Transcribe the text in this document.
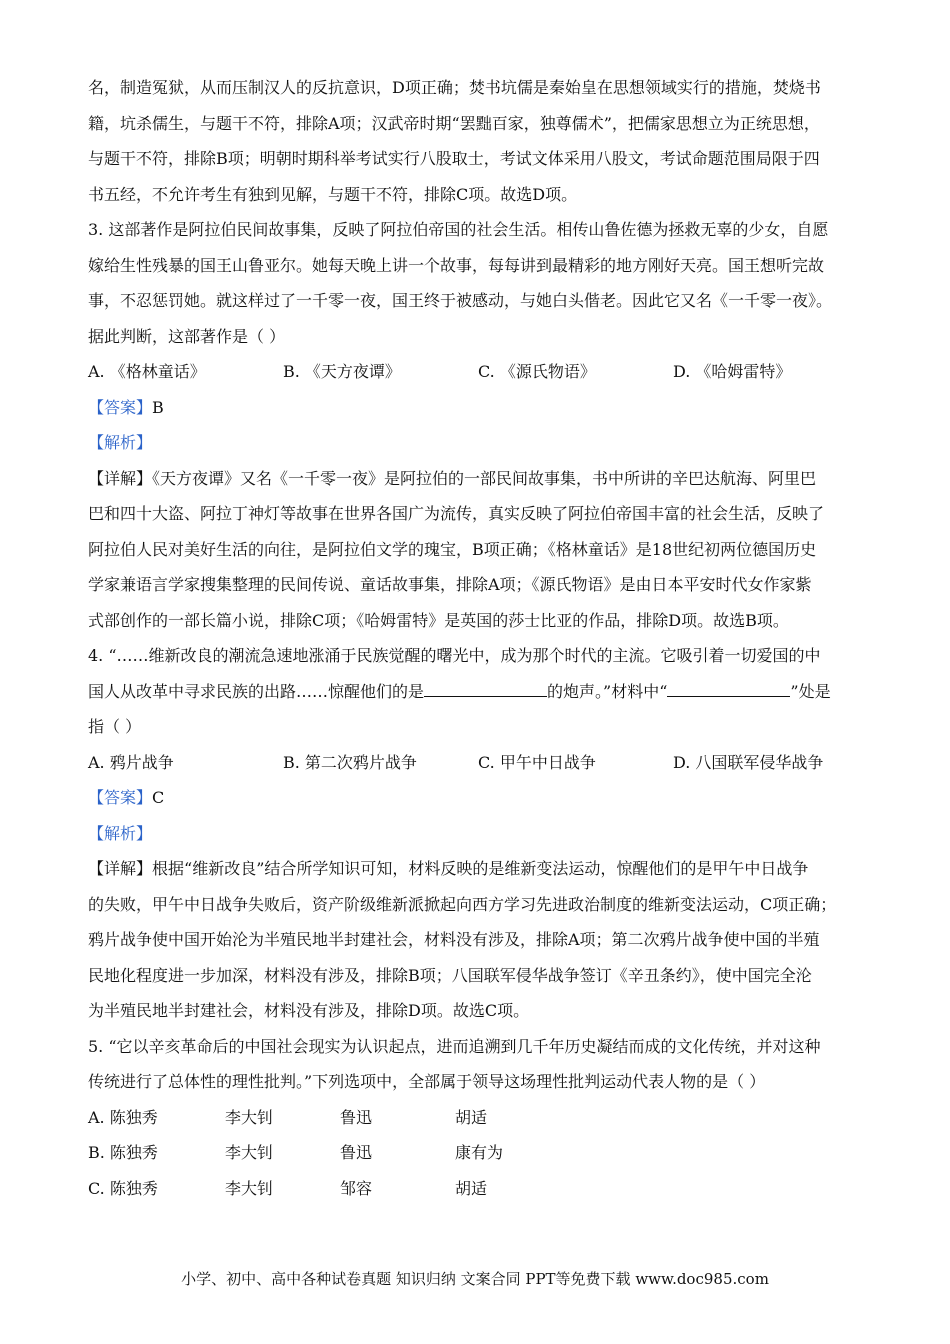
名，制造冤狱，从而压制汉人的反抗意识，D项正确；焚书坑儒是秦始皇在思想领域实行的措施，焚烧书
籍，坑杀儒生，与题干不符，排除A项；汉武帝时期“罢黜百家，独尊儒术”，把儒家思想立为正统思想，
与题干不符，排除B项；明朝时期科举考试实行八股取士，考试文体采用八股文，考试命题范围局限于四
书五经，不允许考生有独到见解，与题干不符，排除C项。故选D项。
3. 这部著作是阿拉伯民间故事集，反映了阿拉伯帝国的社会生活。相传山鲁佐德为拯救无辜的少女，自愿
嫁给生性残暴的国王山鲁亚尔。她每天晚上讲一个故事，每每讲到最精彩的地方刚好天亮。国王想听完故
事，不忍惩罚她。就这样过了一千零一夜，国王终于被感动，与她白头偕老。因此它又名《一千零一夜》。
据此判断，这部著作是（ ）
A. 《格林童话》	B. 《天方夜谭》	C. 《源氏物语》	D. 《哈姆雷特》
【答案】B
【解析】
【详解】《天方夜谭》又名《一千零一夜》是阿拉伯的一部民间故事集，书中所讲的辛巴达航海、阿里巴
巴和四十大盗、阿拉丁神灯等故事在世界各国广为流传，真实反映了阿拉伯帝国丰富的社会生活，反映了
阿拉伯人民对美好生活的向往，是阿拉伯文学的瑰宝，B项正确；《格林童话》是18世纪初两位德国历史
学家兼语言学家搜集整理的民间传说、童话故事集，排除A项；《源氏物语》是由日本平安时代女作家紫
式部创作的一部长篇小说，排除C项；《哈姆雷特》是英国的莎士比亚的作品，排除D项。故选B项。
4. “……维新改良的潮流急速地涨涌于民族觉醒的曙光中，成为那个时代的主流。它吸引着一切爱国的中
国人从改革中寻求民族的出路……惊醒他们的是	的炮声。”材料中“	”处是
指（ ）
A. 鸦片战争	B. 第二次鸦片战争	C. 甲午中日战争	D. 八国联军侵华战争
【答案】C
【解析】
【详解】根据“维新改良”结合所学知识可知，材料反映的是维新变法运动，惊醒他们的是甲午中日战争
的失败，甲午中日战争失败后，资产阶级维新派掀起向西方学习先进政治制度的维新变法运动，C项正确；
鸦片战争使中国开始沦为半殖民地半封建社会，材料没有涉及，排除A项；第二次鸦片战争使中国的半殖
民地化程度进一步加深，材料没有涉及，排除B项；八国联军侵华战争签订《辛丑条约》，使中国完全沦
为半殖民地半封建社会，材料没有涉及，排除D项。故选C项。
5. “它以辛亥革命后的中国社会现实为认识起点，进而追溯到几千年历史凝结而成的文化传统，并对这种
传统进行了总体性的理性批判。”下列选项中，全部属于领导这场理性批判运动代表人物的是（ ）
A. 陈独秀	李大钊	鲁迅	胡适
B. 陈独秀	李大钊	鲁迅	康有为
C. 陈独秀	李大钊	邹容	胡适
小学、初中、高中各种试卷真题 知识归纳 文案合同 PPT等免费下载 www.doc985.com
